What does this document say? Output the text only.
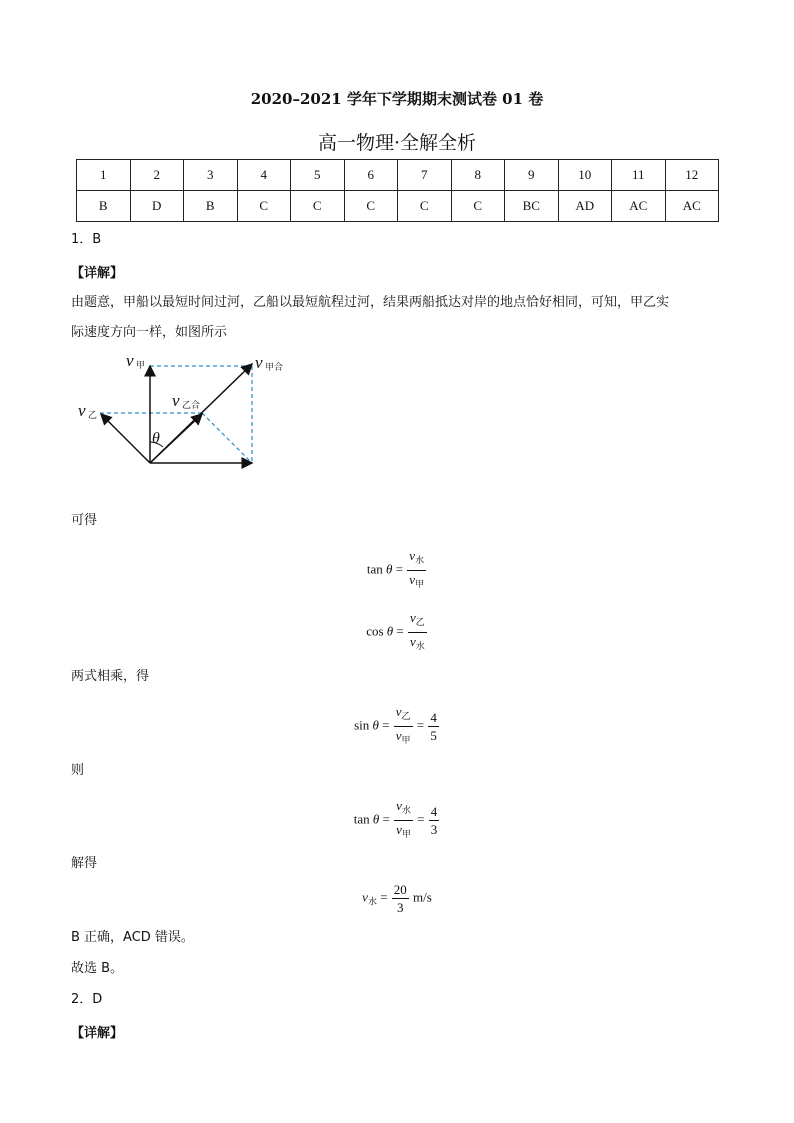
2020–2021 学年下学期期末测试卷 01 卷
高一物理·全解全析
1	2	3	4	5	6	7	8	9	10	11	12
B	D	B	C	C	C	C	C	BC	AD	AC	AC
1．B
【详解】
由题意，甲船以最短时间过河，乙船以最短航程过河，结果两船抵达对岸的地点恰好相同，可知，甲乙实
际速度方向一样，如图所示
v 甲	v 甲合
v 乙
v 乙合
θ
可得
$\tan \theta = \frac{v_水}{v_甲}$
$\cos \theta = \frac{v_乙}{v_水}$
两式相乘，得
$\sin \theta = \frac{v_乙}{v_甲} = \frac{4}{5}$
则
$\tan \theta = \frac{v_水}{v_甲} = \frac{4}{3}$
解得
$v_水 = \frac{20}{3} m/s$
B 正确，ACD 错误。
故选 B。
2．D
【详解】
